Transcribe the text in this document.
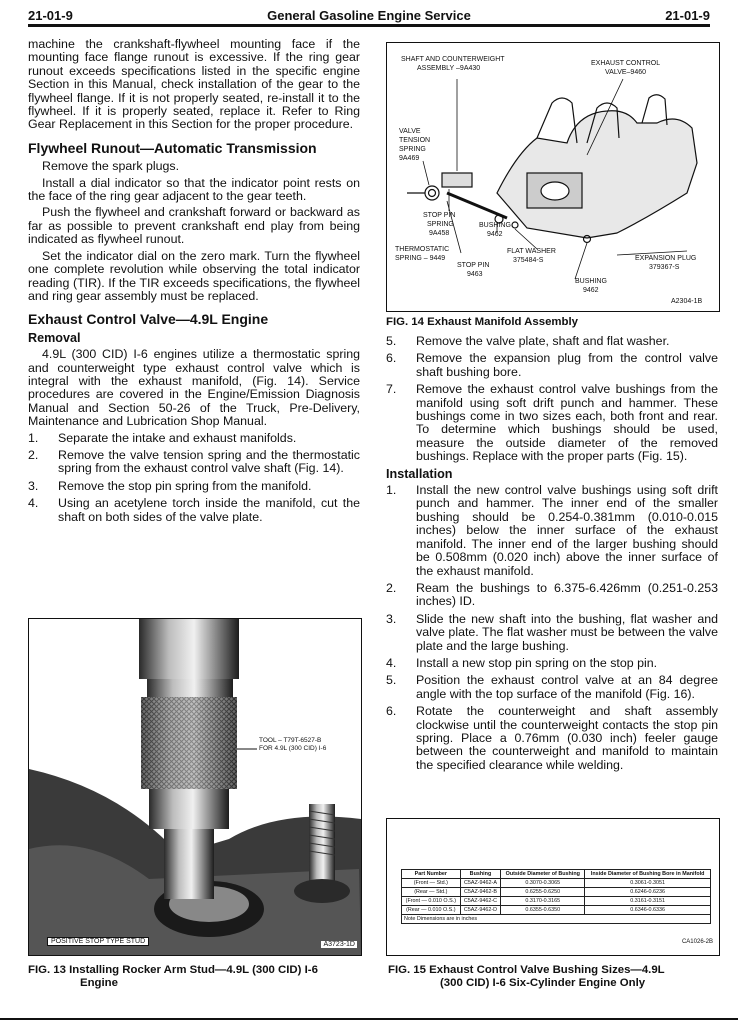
21-01-9	General Gasoline Engine Service	21-01-9

machine the crankshaft-flywheel mounting face if the mounting face flange runout is excessive. If the ring gear runout exceeds specifications listed in the specific engine Section in this Manual, check installation of the gear to the flywheel flange. If it is not properly seated, re-install it to the flywheel. If it is properly seated, replace it. Refer to Ring Gear Replacement in this Section for the proper procedure.

Flywheel Runout—Automatic Transmission

Remove the spark plugs.

Install a dial indicator so that the indicator point rests on the face of the ring gear adjacent to the gear teeth.

Push the flywheel and crankshaft forward or backward as far as possible to prevent crankshaft end play from being indicated as flywheel runout.

Set the indicator dial on the zero mark. Turn the flywheel one complete revolution while observing the total indicator reading (TIR). If the TIR exceeds specifications, the flywheel and ring gear assembly must be replaced.

Exhaust Control Valve—4.9L Engine
Removal

4.9L (300 CID) I-6 engines utilize a thermostatic spring and counterweight type exhaust control valve which is integral with the exhaust manifold, (Fig. 14). Service procedures are covered in the Engine/Emission Diagnosis Manual and Section 50-26 of the Truck, Pre-Delivery, Maintenance and Lubrication Shop Manual.

1. Separate the intake and exhaust manifolds.
2. Remove the valve tension spring and the thermostatic spring from the exhaust control valve shaft (Fig. 14).
3. Remove the stop pin spring from the manifold.
4. Using an acetylene torch inside the manifold, cut the shaft on both sides of the valve plate.
TOOL – T79T-6527-B
FOR 4.9L (300 CID) I-6
POSITIVE STOP TYPE STUD	A3723-1D
FIG. 13 Installing Rocker Arm Stud—4.9L (300 CID) I-6
Engine
SHAFT AND COUNTERWEIGHT
ASSEMBLY –9A430
EXHAUST CONTROL
VALVE–9460
VALVE
TENSION
SPRING
9A469
STOP PIN
SPRING
9A458
BUSHING
9462
THERMOSTATIC
SPRING – 9449
STOP PIN
9463
FLAT WASHER
375484-S	EXPANSION PLUG
379367-S
BUSHING
9462
A2304-1B
FIG. 14 Exhaust Manifold Assembly
5. Remove the valve plate, shaft and flat washer.
6. Remove the expansion plug from the control valve shaft bushing bore.
7. Remove the exhaust control valve bushings from the manifold using soft drift punch and hammer. These bushings come in two sizes each, both front and rear. To determine which bushings should be used, measure the outside diameter of the removed bushings. Replace with the proper parts (Fig. 15).
Installation
1. Install the new control valve bushings using soft drift punch and hammer. The inner end of the smaller bushing should be 0.254-0.381mm (0.010-0.015 inches) below the inner surface of the exhaust manifold. The inner end of the larger bushing should be 0.508mm (0.020 inch) above the inner surface of the exhaust manifold.
2. Ream the bushings to 6.375-6.426mm (0.251-0.253 inches) ID.
3. Slide the new shaft into the bushing, flat washer and valve plate. The flat washer must be between the valve plate and the large bushing.
4. Install a new stop pin spring on the stop pin.
5. Position the exhaust control valve at an 84 degree angle with the top surface of the manifold (Fig. 16).
6. Rotate the counterweight and shaft assembly clockwise until the counterweight contacts the stop pin spring. Place a 0.76mm (0.030 inch) feeler gauge between the counterweight and manifold to maintain the specified clearance while welding.
Part Number	Bushing	Outside Diameter of Bushing	Inside Diameter of Bushing Bore in Manifold
(Front — Std.)	C5AZ-9462-A	0.3070-0.3065	0.3061-0.3051
(Rear — Std.)	C5AZ-9462-B	0.6255-0.6250	0.6246-0.6236
(Front — 0.010 O.S.)	C5AZ-9462-C	0.3170-0.3165	0.3161-0.3151
(Rear — 0.010 O.S.)	C5AZ-9462-D	0.6355-0.6350	0.6346-0.6336
Note Dimensions are in inches			
CA1026-2B
FIG. 15 Exhaust Control Valve Bushing Sizes—4.9L
(300 CID) I-6 Six-Cylinder Engine Only
